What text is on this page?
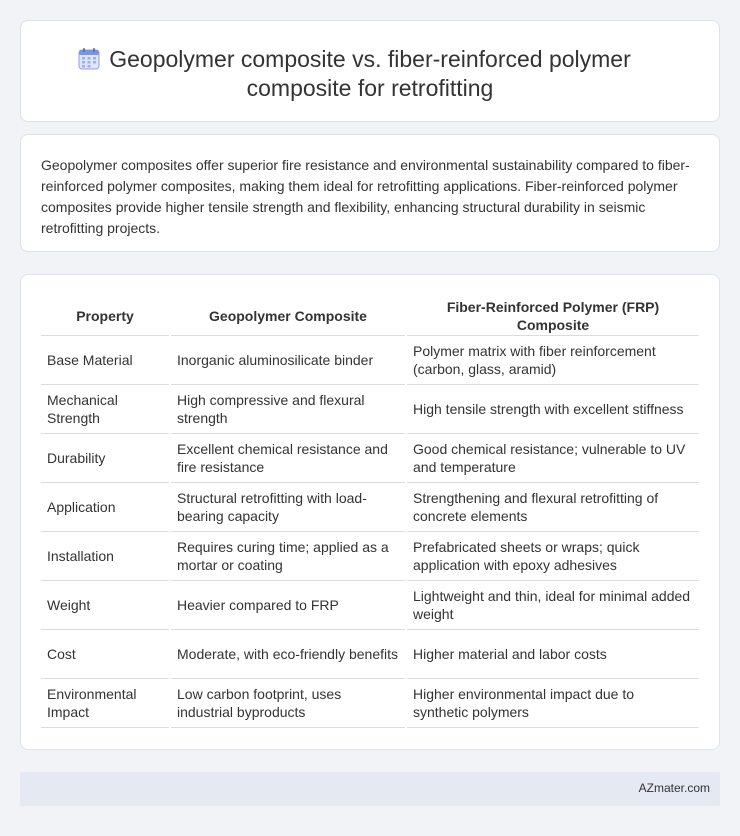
Geopolymer composite vs. fiber-reinforced polymer composite for retrofitting

Geopolymer composites offer superior fire resistance and environmental sustainability compared to fiber-reinforced polymer composites, making them ideal for retrofitting applications. Fiber-reinforced polymer composites provide higher tensile strength and flexibility, enhancing structural durability in seismic retrofitting projects.

Property	Geopolymer Composite	Fiber-Reinforced Polymer (FRP) Composite
Base Material	Inorganic aluminosilicate binder	Polymer matrix with fiber reinforcement (carbon, glass, aramid)
Mechanical Strength	High compressive and flexural strength	High tensile strength with excellent stiffness
Durability	Excellent chemical resistance and fire resistance	Good chemical resistance; vulnerable to UV and temperature
Application	Structural retrofitting with load-bearing capacity	Strengthening and flexural retrofitting of concrete elements
Installation	Requires curing time; applied as a mortar or coating	Prefabricated sheets or wraps; quick application with epoxy adhesives
Weight	Heavier compared to FRP	Lightweight and thin, ideal for minimal added weight
Cost	Moderate, with eco-friendly benefits	Higher material and labor costs
Environmental Impact	Low carbon footprint, uses industrial byproducts	Higher environmental impact due to synthetic polymers
AZmater.com
